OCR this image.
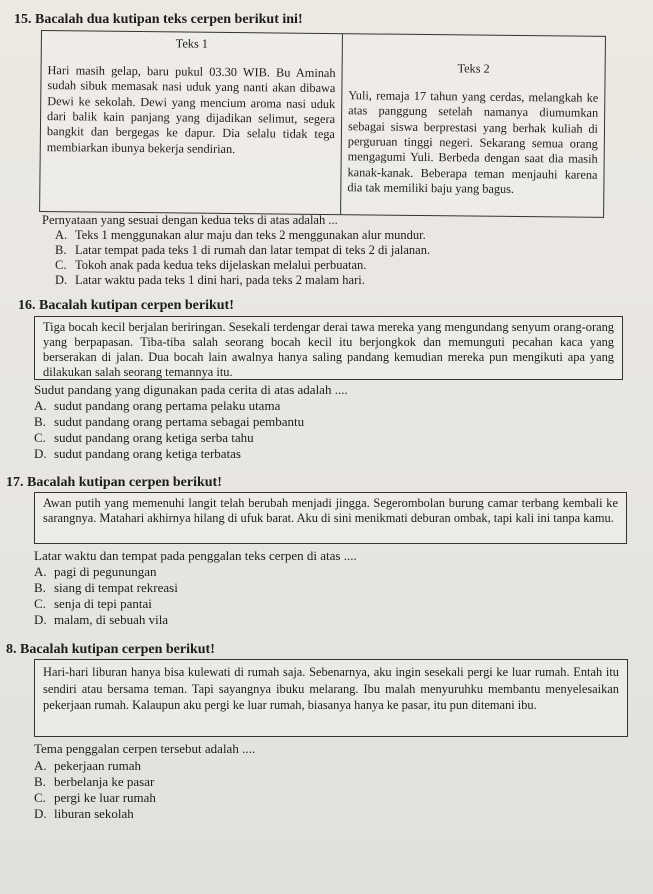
15. Bacalah dua kutipan teks cerpen berikut ini!
Teks 1

Hari masih gelap, baru pukul 03.30 WIB. Bu Aminah sudah sibuk memasak nasi uduk yang nanti akan dibawa Dewi ke sekolah. Dewi yang mencium aroma nasi uduk dari balik kain panjang yang dijadikan selimut, segera bangkit dan bergegas ke dapur. Dia selalu tidak tega membiarkan ibunya bekerja sendirian.

Teks 2

Yuli, remaja 17 tahun yang cerdas, melangkah ke atas panggung setelah namanya diumumkan sebagai siswa berprestasi yang berhak kuliah di perguruan tinggi negeri. Sekarang semua orang mengagumi Yuli. Berbeda dengan saat dia masih kanak-kanak. Beberapa teman menjauhi karena dia tak memiliki baju yang bagus.

Pernyataan yang sesuai dengan kedua teks di atas adalah ...
A. Teks 1 menggunakan alur maju dan teks 2 menggunakan alur mundur.
B. Latar tempat pada teks 1 di rumah dan latar tempat di teks 2 di jalanan.
C. Tokoh anak pada kedua teks dijelaskan melalui perbuatan.
D. Latar waktu pada teks 1 dini hari, pada teks 2 malam hari.
16. Bacalah kutipan cerpen berikut!

Tiga bocah kecil berjalan beriringan. Sesekali terdengar derai tawa mereka yang mengundang senyum orang-orang yang berpapasan. Tiba-tiba salah seorang bocah kecil itu berjongkok dan memunguti pecahan kaca yang berserakan di jalan. Dua bocah lain awalnya hanya saling pandang kemudian mereka pun mengikuti apa yang dilakukan salah seorang temannya itu.

Sudut pandang yang digunakan pada cerita di atas adalah ....
A. sudut pandang orang pertama pelaku utama
B. sudut pandang orang pertama sebagai pembantu
C. sudut pandang orang ketiga serba tahu
D. sudut pandang orang ketiga terbatas
17. Bacalah kutipan cerpen berikut!

Awan putih yang memenuhi langit telah berubah menjadi jingga. Segerombolan burung camar terbang kembali ke sarangnya. Matahari akhirnya hilang di ufuk barat. Aku di sini menikmati deburan ombak, tapi kali ini tanpa kamu.

Latar waktu dan tempat pada penggalan teks cerpen di atas ....
A. pagi di pegunungan
B. siang di tempat rekreasi
C. senja di tepi pantai
D. malam, di sebuah vila
8. Bacalah kutipan cerpen berikut!

Hari-hari liburan hanya bisa kulewati di rumah saja. Sebenarnya, aku ingin sesekali pergi ke luar rumah. Entah itu sendiri atau bersama teman. Tapi sayangnya ibuku melarang. Ibu malah menyuruhku membantu menyelesaikan pekerjaan rumah. Kalaupun aku pergi ke luar rumah, biasanya hanya ke pasar, itu pun ditemani ibu.

Tema penggalan cerpen tersebut adalah ....
A. pekerjaan rumah
B. berbelanja ke pasar
C. pergi ke luar rumah
D. liburan sekolah
